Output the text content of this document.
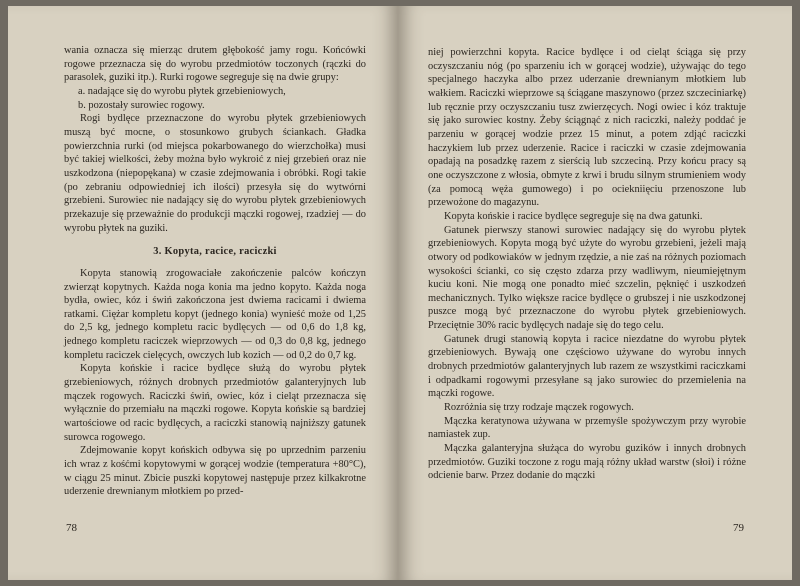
wania oznacza się mierząc drutem głębokość jamy rogu. Końcówki rogowe przeznacza się do wyrobu przedmiotów toczonych (rączki do parasolek, guziki itp.). Rurki rogowe segreguje się na dwie grupy:

a. nadające się do wyrobu płytek grzebieniowych,

b. pozostały surowiec rogowy.

Rogi bydlęce przeznaczone do wyrobu płytek grzebieniowych muszą być mocne, o stosunkowo grubych ściankach. Gładka powierzchnia rurki (od miejsca pokarbowanego do wierzchołka) musi być takiej wielkości, żeby można było wykroić z niej grzebień oraz nie uszkodzona (niepopękana) w czasie zdejmowania i obróbki. Rogi takie (po zebraniu odpowiedniej ich ilości) przesyła się do wytwórni grzebieni. Surowiec nie nadający się do wyrobu płytek grzebieniowych przekazuje się przeważnie do produkcji mączki rogowej, rzadziej — do wyrobu płytek na guziki.

3. Kopyta, racice, raciczki

Kopyta stanowią zrogowaciałe zakończenie palców kończyn zwierząt kopytnych. Każda noga konia ma jedno kopyto. Każda noga bydła, owiec, kóz i świń zakończona jest dwiema racicami i dwiema ratkami. Ciężar kompletu kopyt (jednego konia) wynieść może od 1,25 do 2,5 kg, jednego kompletu racic bydlęcych — od 0,6 do 1,8 kg, jednego kompletu raciczek wieprzowych — od 0,3 do 0,8 kg, jednego kompletu raciczek cielęcych, owczych lub kozich — od 0,2 do 0,7 kg.

Kopyta końskie i racice bydlęce służą do wyrobu płytek grzebieniowych, różnych drobnych przedmiotów galanteryjnych lub mączek rogowych. Raciczki świń, owiec, kóz i cieląt przeznacza się wyłącznie do przemiału na mączki rogowe. Kopyta końskie są bardziej wartościowe od racic bydlęcych, a raciczki stanowią najniższy gatunek surowca rogowego.

Zdejmowanie kopyt końskich odbywa się po uprzednim parzeniu ich wraz z kośćmi kopytowymi w gorącej wodzie (temperatura +80°C), w ciągu 25 minut. Zbicie puszki kopytowej następuje przez kilkakrotne uderzenie drewnianym młotkiem po przed-

78

niej powierzchni kopyta. Racice bydlęce i od cieląt ściąga się przy oczyszczaniu nóg (po sparzeniu ich w gorącej wodzie), używając do tego specjalnego haczyka albo przez uderzanie drewnianym młotkiem lub wałkiem. Raciczki wieprzowe są ściągane maszynowo (przez szczeciniarkę) lub ręcznie przy oczyszczaniu tusz zwierzęcych. Nogi owiec i kóz traktuje się jako surowiec kostny. Żeby ściągnąć z nich raciczki, należy poddać je parzeniu w gorącej wodzie przez 15 minut, a potem zdjąć raciczki haczykiem lub przez uderzenie. Racice i raciczki w czasie zdejmowania opadają na posadzkę razem z sierścią lub szczeciną. Przy końcu pracy są one oczyszczone z włosia, obmyte z krwi i brudu silnym strumieniem wody (za pomocą węża gumowego) i po ociekniięciu przenoszone lub przewożone do magazynu.

Kopyta końskie i racice bydlęce segreguje się na dwa gatunki.

Gatunek pierwszy stanowi surowiec nadający się do wyrobu płytek grzebieniowych. Kopyta mogą być użyte do wyrobu grzebieni, jeżeli mają otwory od podkowiaków w jednym rzędzie, a nie zaś na różnych poziomach wysokości ścianki, co się często zdarza przy wadliwym, nieumiejętnym kuciu koni. Nie mogą one ponadto mieć szczelin, pęknięć i uszkodzeń mechanicznych. Tylko większe racice bydlęce o grubszej i nie uszkodzonej puszce mogą być przeznaczone do wyrobu płytek grzebieniowych. Przeciętnie 30% racic bydlęcych nadaje się do tego celu.

Gatunek drugi stanowią kopyta i racice niezdatne do wyrobu płytek grzebieniowych. Bywają one częściowo używane do wyrobu innych drobnych przedmiotów galanteryjnych lub razem ze wszystkimi raciczkami i odpadkami rogowymi przesyłane są jako surowiec do przemielenia na mączki rogowe.

Rozróżnia się trzy rodzaje mączek rogowych.

Mączka keratynowa używana w przemyśle spożywczym przy wyrobie namiastek zup.

Mączka galanteryjna służąca do wyrobu guzików i innych drobnych przedmiotów. Guziki toczone z rogu mają różny układ warstw (słoi) i różne odcienie barw. Przez dodanie do mączki

79
